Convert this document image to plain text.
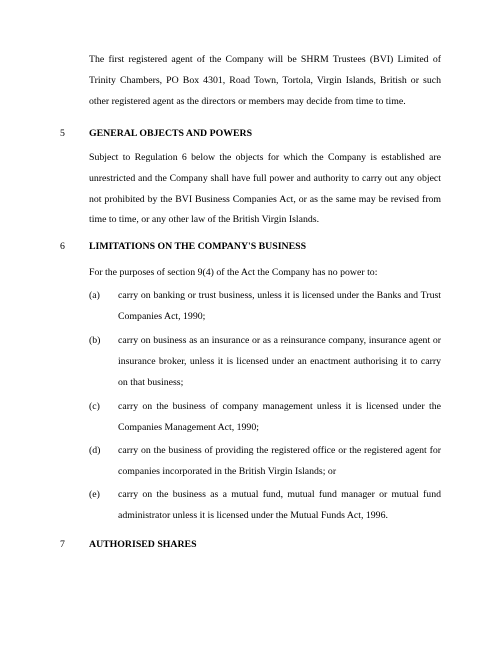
The first registered agent of the Company will be SHRM Trustees (BVI) Limited of Trinity Chambers, PO Box 4301, Road Town, Tortola, Virgin Islands, British or such other registered agent as the directors or members may decide from time to time.

5 GENERAL OBJECTS AND POWERS

Subject to Regulation 6 below the objects for which the Company is established are unrestricted and the Company shall have full power and authority to carry out any object not prohibited by the BVI Business Companies Act, or as the same may be revised from time to time, or any other law of the British Virgin Islands.

6 LIMITATIONS ON THE COMPANY'S BUSINESS
For the purposes of section 9(4) of the Act the Company has no power to:
(a) carry on banking or trust business, unless it is licensed under the Banks and Trust Companies Act, 1990;

(b) carry on business as an insurance or as a reinsurance company, insurance agent or insurance broker, unless it is licensed under an enactment authorising it to carry on that business;

(c) carry on the business of company management unless it is licensed under the Companies Management Act, 1990;

(d) carry on the business of providing the registered office or the registered agent for companies incorporated in the British Virgin Islands; or

(e) carry on the business as a mutual fund, mutual fund manager or mutual fund administrator unless it is licensed under the Mutual Funds Act, 1996.

7 AUTHORISED SHARES
